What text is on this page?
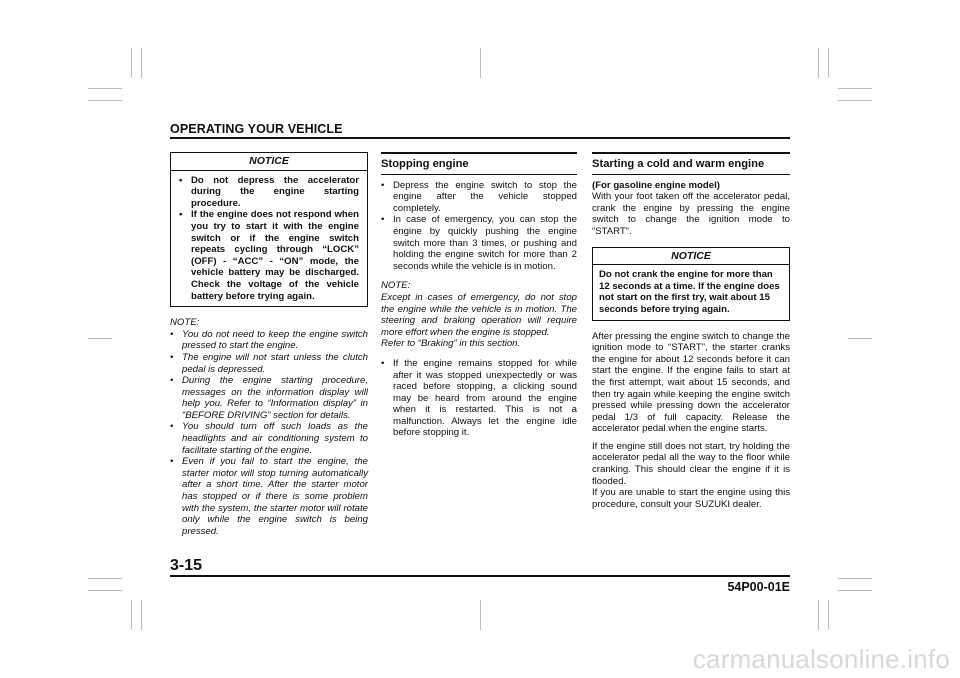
OPERATING YOUR VEHICLE
NOTICE
• Do not depress the accelerator during the engine starting procedure.
• If the engine does not respond when you try to start it with the engine switch or if the engine switch repeats cycling through “LOCK” (OFF) - “ACC” - “ON” mode, the vehicle battery may be discharged. Check the voltage of the vehicle battery before trying again.
NOTE:
• You do not need to keep the engine switch pressed to start the engine.
• The engine will not start unless the clutch pedal is depressed.
• During the engine starting procedure, messages on the information display will help you. Refer to “Information display” in “BEFORE DRIVING” section for details.
• You should turn off such loads as the headlights and air conditioning system to facilitate starting of the engine.
• Even if you fail to start the engine, the starter motor will stop turning automatically after a short time. After the starter motor has stopped or if there is some problem with the system, the starter motor will rotate only while the engine switch is being pressed.
Stopping engine
• Depress the engine switch to stop the engine after the vehicle stopped completely.
• In case of emergency, you can stop the engine by quickly pushing the engine switch more than 3 times, or pushing and holding the engine switch for more than 2 seconds while the vehicle is in motion.
NOTE:

Except in cases of emergency, do not stop the engine while the vehicle is in motion. The steering and braking operation will require more effort when the engine is stopped.

Refer to “Braking” in this section.

• If the engine remains stopped for while after it was stopped unexpectedly or was raced before stopping, a clicking sound may be heard from around the engine when it is restarted. This is not a malfunction. Always let the engine idle before stopping it.
Starting a cold and warm engine
(For gasoline engine model)

With your foot taken off the accelerator pedal, crank the engine by pressing the engine switch to change the ignition mode to “START”.

NOTICE
Do not crank the engine for more than 12 seconds at a time. If the engine does not start on the first try, wait about 15 seconds before trying again.

After pressing the engine switch to change the ignition mode to “START”, the starter cranks the engine for about 12 seconds before it can start the engine. If the engine fails to start at the first attempt, wait about 15 seconds, and then try again while keeping the engine switch pressed while pressing down the accelerator pedal 1/3 of full capacity. Release the accelerator pedal when the engine starts.

If the engine still does not start, try holding the accelerator pedal all the way to the floor while cranking. This should clear the engine if it is flooded.

If you are unable to start the engine using this procedure, consult your SUZUKI dealer.

3-15
54P00-01E
carmanualsonline.info
